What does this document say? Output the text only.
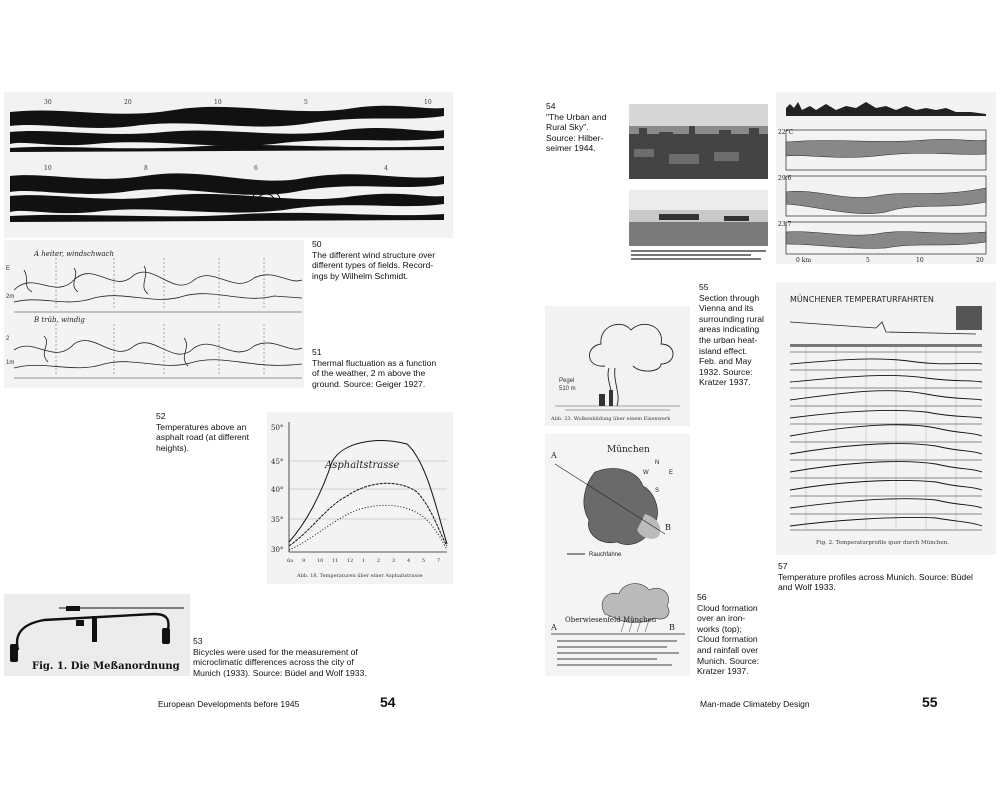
30	20	10	5	10
10	8	6	4
A heiter, windschwach
B trüb, windig
E
2m
2
1m
50
The different wind structure over
different types of fields. Record-
ings by Wilhelm Schmidt.
51
Thermal fluctuation as a function
of the weather, 2 m above the
ground. Source: Geiger 1927.
52
Temperatures above an
asphalt road (at different
heights).
50°
45°
40°
35°
30°
Asphaltstrasse
6a 9 10 11 12 1 2 3 4 5 7
Abb. 18. Temperaturen über einer Asphaltstrasse
Fig. 1. Die Meßanordnung
53
Bicycles were used for the measurement of
microclimatic differences across the city of
Munich (1933). Source: Büdel and Wolf 1933.
European Developments before 1945	54
54
"The Urban and
Rural Sky".
Source: Hilber-
seimer 1944.
22°C
29.6
23.7
0 km	5	10	20
55
Section through
Vienna and its
surrounding rural
areas indicating
the urban heat-
island effect.
Feb. and May
1932. Source:
Kratzer 1937.
Pegel
510 m
Abb. 23. Wolkenbildung über einem Eisenwerk
München
A
B
A	B
N
W	E
S
Rauchfahne
Oberwiesenfeld München
56
Cloud formation
over an iron-
works (top);
Cloud formation
and rainfall over
Munich. Source:
Kratzer 1937.
MÜNCHENER TEMPERATURFAHRTEN
Fig. 2. Temperaturprofile quer durch München.
57
Temperature profiles across Munich. Source: Büdel
and Wolf 1933.
Man-made Climateby Design	55
